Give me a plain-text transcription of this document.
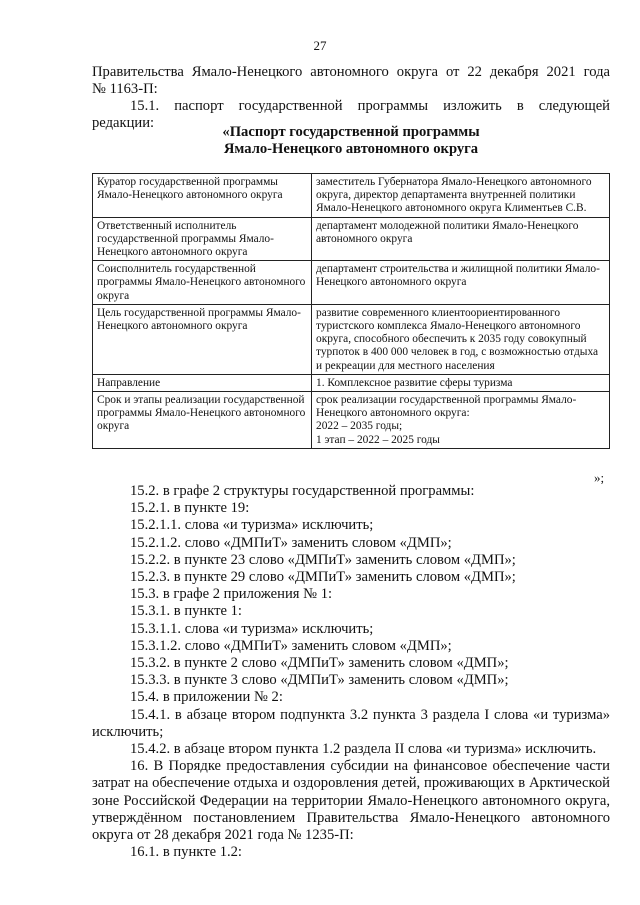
27

Правительства Ямало-Ненецкого автономного округа от 22 декабря 2021 года

№ 1163-П:

15.1. паспорт государственной программы изложить в следующей

редакции:

«Паспорт государственной программы
Ямало-Ненецкого автономного округа
Куратор государственной программы Ямало-Ненецкого автономного округа	заместитель Губернатора Ямало-Ненецкого автономного округа, директор департамента внутренней политики Ямало-Ненецкого автономного округа Климентьев С.В.
Ответственный исполнитель государственной программы Ямало-Ненецкого автономного округа	департамент молодежной политики Ямало-Ненецкого автономного округа
Соисполнитель государственной программы Ямало-Ненецкого автономного округа	департамент строительства и жилищной политики Ямало-Ненецкого автономного округа
Цель государственной программы Ямало-Ненецкого автономного округа	развитие современного клиентоориентированного туристского комплекса Ямало-Ненецкого автономного округа, способного обеспечить к 2035 году совокупный турпоток в 400 000 человек в год, с возможностью отдыха и рекреации для местного населения
Направление	1. Комплексное развитие сферы туризма
Срок и этапы реализации государственной программы Ямало-Ненецкого автономного округа	срок реализации государственной программы Ямало-Ненецкого автономного округа:
2022 – 2035 годы;
1 этап – 2022 – 2025 годы
»;

15.2. в графе 2 структуры государственной программы:

15.2.1. в пункте 19:

15.2.1.1. слова «и туризма» исключить;

15.2.1.2. слово «ДМПиТ» заменить словом «ДМП»;

15.2.2. в пункте 23 слово «ДМПиТ» заменить словом «ДМП»;

15.2.3. в пункте 29 слово «ДМПиТ» заменить словом «ДМП»;

15.3. в графе 2 приложения № 1:

15.3.1. в пункте 1:

15.3.1.1. слова «и туризма» исключить;

15.3.1.2. слово «ДМПиТ» заменить словом «ДМП»;

15.3.2. в пункте 2 слово «ДМПиТ» заменить словом «ДМП»;

15.3.3. в пункте 3 слово «ДМПиТ» заменить словом «ДМП»;

15.4. в приложении № 2:

15.4.1. в абзаце втором подпункта 3.2 пункта 3 раздела I слова «и туризма» исключить;

15.4.2. в абзаце втором пункта 1.2 раздела II слова «и туризма» исключить.

16. В Порядке предоставления субсидии на финансовое обеспечение части затрат на обеспечение отдыха и оздоровления детей, проживающих в Арктической зоне Российской Федерации на территории Ямало-Ненецкого автономного округа, утверждённом постановлением Правительства Ямало-Ненецкого автономного округа от 28 декабря 2021 года № 1235-П:

16.1. в пункте 1.2:
